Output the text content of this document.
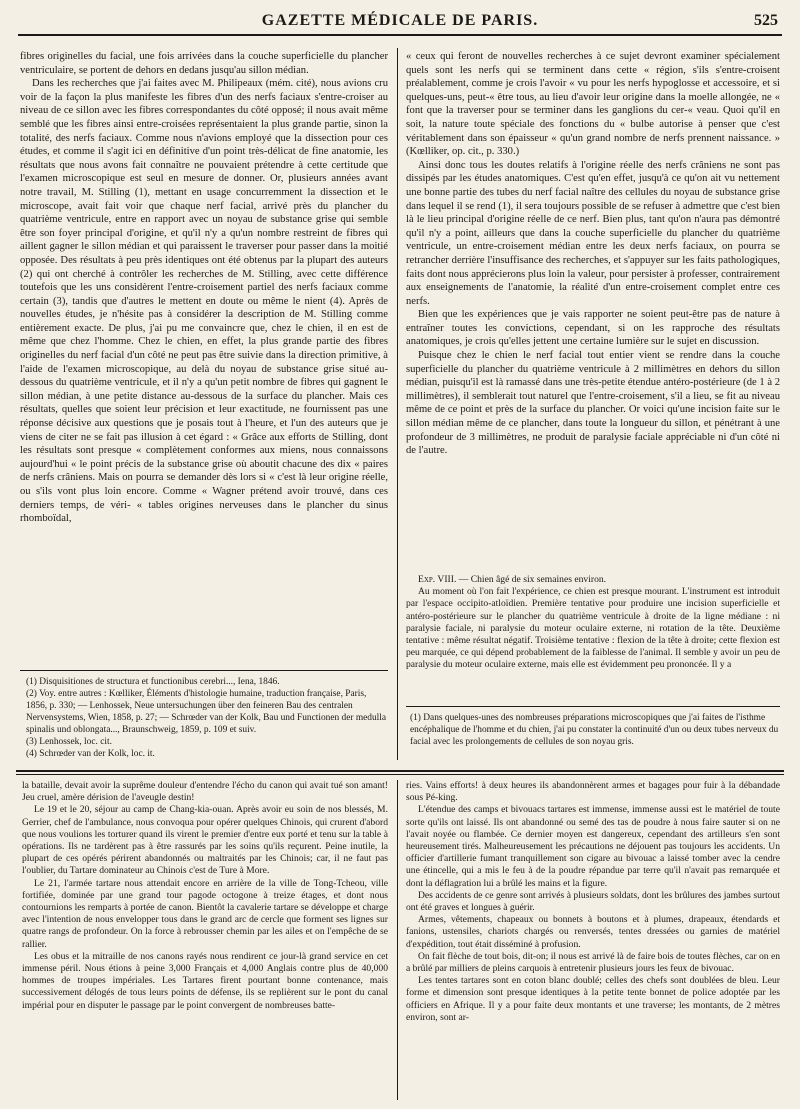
GAZETTE MÉDICALE DE PARIS.	525

fibres originelles du facial, une fois arrivées dans la couche superficielle du plancher ventriculaire, se portent de dehors en dedans jusqu'au sillon médian.

Dans les recherches que j'ai faites avec M. Philipeaux (mém. cité), nous avions cru voir de la façon la plus manifeste les fibres d'un des nerfs faciaux s'entre-croiser au niveau de ce sillon avec les fibres correspondantes du côté opposé; il nous avait même semblé que les fibres ainsi entre-croisées représentaient la plus grande partie, sinon la totalité, des nerfs faciaux. Comme nous n'avions employé que la dissection pour ces études, et comme il s'agit ici en définitive d'un point très-délicat de fine anatomie, les résultats que nous avons fait connaître ne pouvaient prétendre à cette certitude que l'examen microscopique est seul en mesure de donner. Or, plusieurs années avant notre travail, M. Stilling (1), mettant en usage concurremment la dissection et le microscope, avait fait voir que chaque nerf facial, arrivé près du plancher du quatrième ventricule, entre en rapport avec un noyau de substance grise qui semble être son foyer principal d'origine, et qu'il n'y a qu'un nombre restreint de fibres qui aillent gagner le sillon médian et qui paraissent le traverser pour passer dans la moitié opposée. Des résultats à peu près identiques ont été obtenus par la plupart des auteurs (2) qui ont cherché à contrôler les recherches de M. Stilling, avec cette différence toutefois que les uns considèrent l'entre-croisement partiel des nerfs faciaux comme certain (3), tandis que d'autres le mettent en doute ou même le nient (4). Après de nouvelles études, je n'hésite pas à considérer la description de M. Stilling comme entièrement exacte. De plus, j'ai pu me convaincre que, chez le chien, il en est de même que chez l'homme. Chez le chien, en effet, la plus grande partie des fibres originelles du nerf facial d'un côté ne peut pas être suivie dans la direction primitive, à l'aide de l'examen microscopique, au delà du noyau de substance grise situé au-dessous du quatrième ventricule, et il n'y a qu'un petit nombre de fibres qui gagnent le sillon médian, à une petite distance au-dessous de la surface du plancher. Mais ces résultats, quelles que soient leur précision et leur exactitude, ne fournissent pas une réponse décisive aux questions que je posais tout à l'heure, et l'un des auteurs que je viens de citer ne se fait pas illusion à cet égard : « Grâce aux efforts de Stilling, dont les résultats sont presque « complètement conformes aux miens, nous connaissons aujourd'hui « le point précis de la substance grise où aboutit chacune des dix « paires de nerfs crâniens. Mais on pourra se demander dès lors si « c'est là leur origine réelle, ou s'ils vont plus loin encore. Comme « Wagner prétend avoir trouvé, dans ces derniers temps, de véri- « tables origines nerveuses dans le plancher du sinus rhomboïdal,

« ceux qui feront de nouvelles recherches à ce sujet devront examiner spécialement quels sont les nerfs qui se terminent dans cette « région, s'ils s'entre-croisent préalablement, comme je crois l'avoir « vu pour les nerfs hypoglosse et accessoire, et si quelques-uns, peut-« être tous, au lieu d'avoir leur origine dans la moelle allongée, ne « font que la traverser pour se terminer dans les ganglions du cer-« veau. Quoi qu'il en soit, la nature toute spéciale des fonctions du « bulbe autorise à penser que c'est véritablement dans son épaisseur « qu'un grand nombre de nerfs prennent naissance. » (Kœlliker, op. cit., p. 330.)

Ainsi donc tous les doutes relatifs à l'origine réelle des nerfs crâniens ne sont pas dissipés par les études anatomiques. C'est qu'en effet, jusqu'à ce qu'on ait vu nettement une bonne partie des tubes du nerf facial naître des cellules du noyau de substance grise dans lequel il se rend (1), il sera toujours possible de se refuser à admettre que c'est bien là le lieu principal d'origine réelle de ce nerf. Bien plus, tant qu'on n'aura pas démontré qu'il n'y a point, ailleurs que dans la couche superficielle du plancher du quatrième ventricule, un entre-croisement médian entre les deux nerfs faciaux, on pourra se retrancher derrière l'insuffisance des recherches, et s'appuyer sur les faits pathologiques, faits dont nous apprécierons plus loin la valeur, pour persister à professer, contrairement aux enseignements de l'anatomie, la réalité d'un entre-croisement complet entre ces nerfs.

Bien que les expériences que je vais rapporter ne soient peut-être pas de nature à entraîner toutes les convictions, cependant, si on les rapproche des résultats anatomiques, je crois qu'elles jettent une certaine lumière sur le sujet en discussion.

Puisque chez le chien le nerf facial tout entier vient se rendre dans la couche superficielle du plancher du quatrième ventricule à 2 millimètres en dehors du sillon médian, puisqu'il est là ramassé dans une très-petite étendue antéro-postérieure (de 1 à 2 millimètres), il semblerait tout naturel que l'entre-croisement, s'il a lieu, se fit au niveau même de ce point et près de la surface du plancher. Or voici qu'une incision faite sur le sillon médian même de ce plancher, dans toute la longueur du sillon, et pénétrant à une profondeur de 3 millimètres, ne produit de paralysie faciale appréciable ni d'un côté ni de l'autre.

Exp. VIII. — Chien âgé de six semaines environ.

Au moment où l'on fait l'expérience, ce chien est presque mourant. L'instrument est introduit par l'espace occipito-atloïdien. Première tentative pour produire une incision superficielle et antéro-postérieure sur le plancher du quatrième ventricule à droite de la ligne médiane : ni paralysie faciale, ni paralysie du moteur oculaire externe, ni rotation de la tête. Deuxième tentative : même résultat négatif. Troisième tentative : flexion de la tête à droite; cette flexion est peu marquée, ce qui dépend probablement de la faiblesse de l'animal. Il semble y avoir un peu de paralysie du moteur oculaire externe, mais elle est évidemment peu prononcée. Il y a

(1) Disquisitiones de structura et functionibus cerebri..., Iena, 1846.
(2) Voy. entre autres : Kœlliker, Éléments d'histologie humaine, traduction française, Paris, 1856, p. 330; — Lenhossek, Neue untersuchungen über den feineren Bau des centralen Nervensystems, Wien, 1858, p. 27; — Schrœder van der Kolk, Bau und Functionen der medulla spinalis und oblongata..., Braunschweig, 1859, p. 109 et suiv.
(3) Lenhossek, loc. cit.
(4) Schrœder van der Kolk, loc. it.
(1) Dans quelques-unes des nombreuses préparations microscopiques que j'ai faites de l'isthme encéphalique de l'homme et du chien, j'ai pu constater la continuité d'un ou deux tubes nerveux du facial avec les prolongements de cellules de son noyau gris.

la bataille, devait avoir la suprême douleur d'entendre l'écho du canon qui avait tué son amant! Jeu cruel, amère dérision de l'aveugle destin!

Le 19 et le 20, séjour au camp de Chang-kia-ouan. Après avoir eu soin de nos blessés, M. Gerrier, chef de l'ambulance, nous convoqua pour opérer quelques Chinois, qui crurent d'abord que nous voulions les torturer quand ils virent le premier d'entre eux porté et tenu sur la table à opérations. Ils ne tardèrent pas à être rassurés par les soins qu'ils reçurent. Peine inutile, la plupart de ces opérés périrent abandonnés ou maltraités par les Chinois; car, il ne faut pas l'oublier, du Tartare dominateur au Chinois c'est de Ture à More.

Le 21, l'armée tartare nous attendait encore en arrière de la ville de Tong-Tcheou, ville fortifiée, dominée par une grand tour pagode octogone à treize étages, et dont nous contournions les remparts à portée de canon. Bientôt la cavalerie tartare se développe et charge avec l'intention de nous envelopper tous dans le grand arc de cercle que forment ses lignes sur quatre rangs de profondeur. On la force à rebrousser chemin par les ailes et on l'empêche de se rallier.

Les obus et la mitraille de nos canons rayés nous rendirent ce jour-là grand service en cet immense péril. Nous étions à peine 3,000 Français et 4,000 Anglais contre plus de 40,000 hommes de troupes impériales. Les Tartares firent pourtant bonne contenance, mais successivement délogés de tous leurs points de défense, ils se replièrent sur le pont du canal impérial pour en disputer le passage par le point convergent de nombreuses batte-

ries. Vains efforts! à deux heures ils abandonnèrent armes et bagages pour fuir à la débandade sous Pé-king.

L'étendue des camps et bivouacs tartares est immense, immense aussi est le matériel de toute sorte qu'ils ont laissé. Ils ont abandonné ou semé des tas de poudre à nous faire sauter si on ne l'avait noyée ou flambée. Ce dernier moyen est dangereux, cependant des artilleurs s'en sont heureusement tirés. Malheureusement les précautions ne déjouent pas toujours les accidents. Un officier d'artillerie fumant tranquillement son cigare au bivouac a laissé tomber avec la cendre une étincelle, qui a mis le feu à de la poudre répandue par terre qu'il n'avait pas remarquée et dont la déflagration lui a brûlé les mains et la figure.

Des accidents de ce genre sont arrivés à plusieurs soldats, dont les brûlures des jambes surtout ont été graves et longues à guérir.

Armes, vêtements, chapeaux ou bonnets à boutons et à plumes, drapeaux, étendards et fanions, ustensiles, chariots chargés ou renversés, tentes dressées ou garnies de matériel d'expédition, tout était disséminé à profusion.

On fait flèche de tout bois, dit-on; il nous est arrivé là de faire bois de toutes flèches, car on en a brûlé par milliers de pleins carquois à entretenir plusieurs jours les feux de bivouac.

Les tentes tartares sont en coton blanc doublé; celles des chefs sont doublées de bleu. Leur forme et dimension sont presque identiques à la petite tente bonnet de police adoptée par les officiers en Afrique. Il y a pour faite deux montants et une traverse; les montants, de 2 mètres environ, sont ar-
